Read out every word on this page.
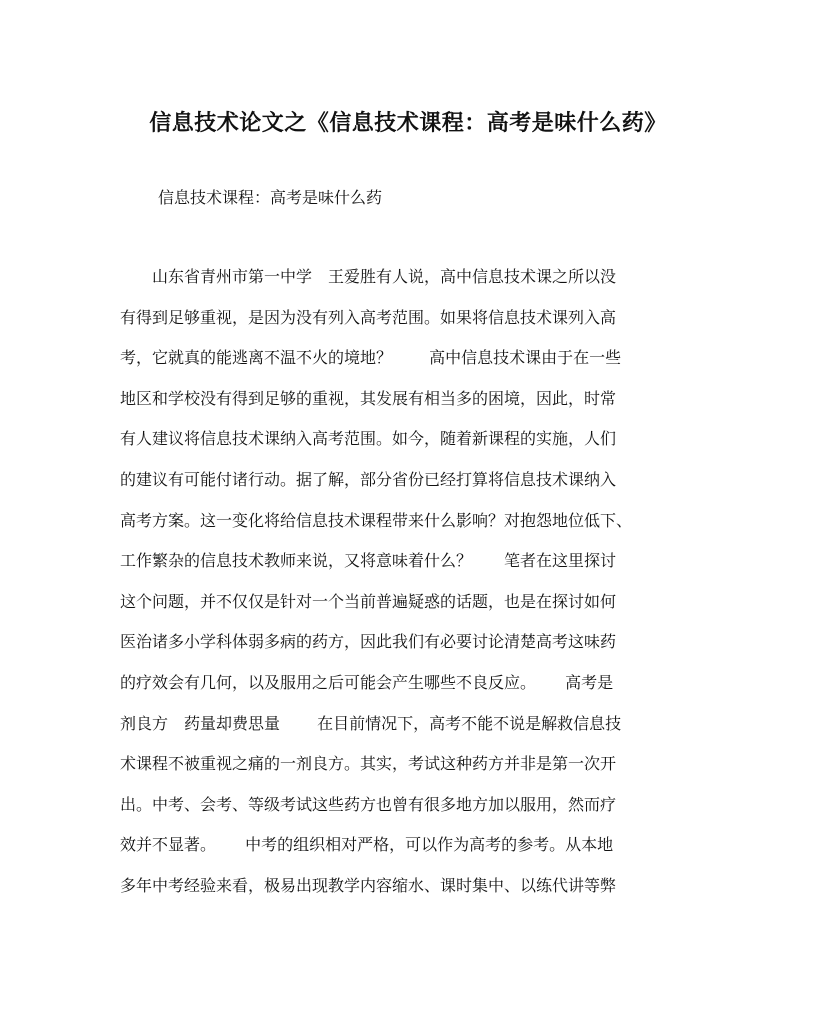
信息技术论文之《信息技术课程：高考是味什么药》
信息技术课程：高考是味什么药
　　山东省青州市第一中学　王爱胜有人说，高中信息技术课之所以没
有得到足够重视，是因为没有列入高考范围。如果将信息技术课列入高
考，它就真的能逃离不温不火的境地？　　 高中信息技术课由于在一些
地区和学校没有得到足够的重视，其发展有相当多的困境，因此，时常
有人建议将信息技术课纳入高考范围。如今，随着新课程的实施，人们
的建议有可能付诸行动。据了解，部分省份已经打算将信息技术课纳入
高考方案。这一变化将给信息技术课程带来什么影响？对抱怨地位低下、
工作繁杂的信息技术教师来说，又将意味着什么？　　笔者在这里探讨
这个问题，并不仅仅是针对一个当前普遍疑惑的话题，也是在探讨如何
医治诸多小学科体弱多病的药方，因此我们有必要讨论清楚高考这味药
的疗效会有几何，以及服用之后可能会产生哪些不良反应。　　 高考是
剂良方　药量却费思量　　 在目前情况下，高考不能不说是解救信息技
术课程不被重视之痛的一剂良方。其实，考试这种药方并非是第一次开
出。中考、会考、等级考试这些药方也曾有很多地方加以服用，然而疗
效并不显著。　　 中考的组织相对严格，可以作为高考的参考。从本地
多年中考经验来看，极易出现教学内容缩水、课时集中、以练代讲等弊
